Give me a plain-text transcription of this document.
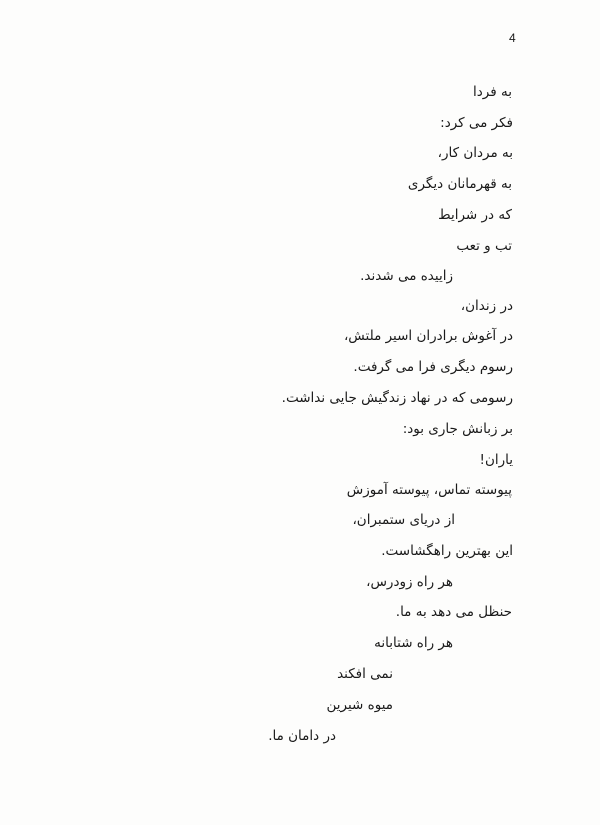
4
به فردا
فکر می کرد:
به مردان کار،
به قهرمانان دیگری
که در شرایط
تب و تعب
زاییده می شدند.
در زندان،
در آغوش برادران اسیر ملتش،
رسوم دیگری فرا می گرفت.
رسومی که در نهاد زندگیش جایی نداشت.
بر زبانش جاری بود:
یاران!
پیوسته تماس، پیوسته آموزش
از دریای ستمبران،
این بهترین راهگشاست.
هر راه زودرس،
حنظل می دهد به ما.
هر راه شتابانه
نمی افکند
میوه شیرین
در دامان ما.
